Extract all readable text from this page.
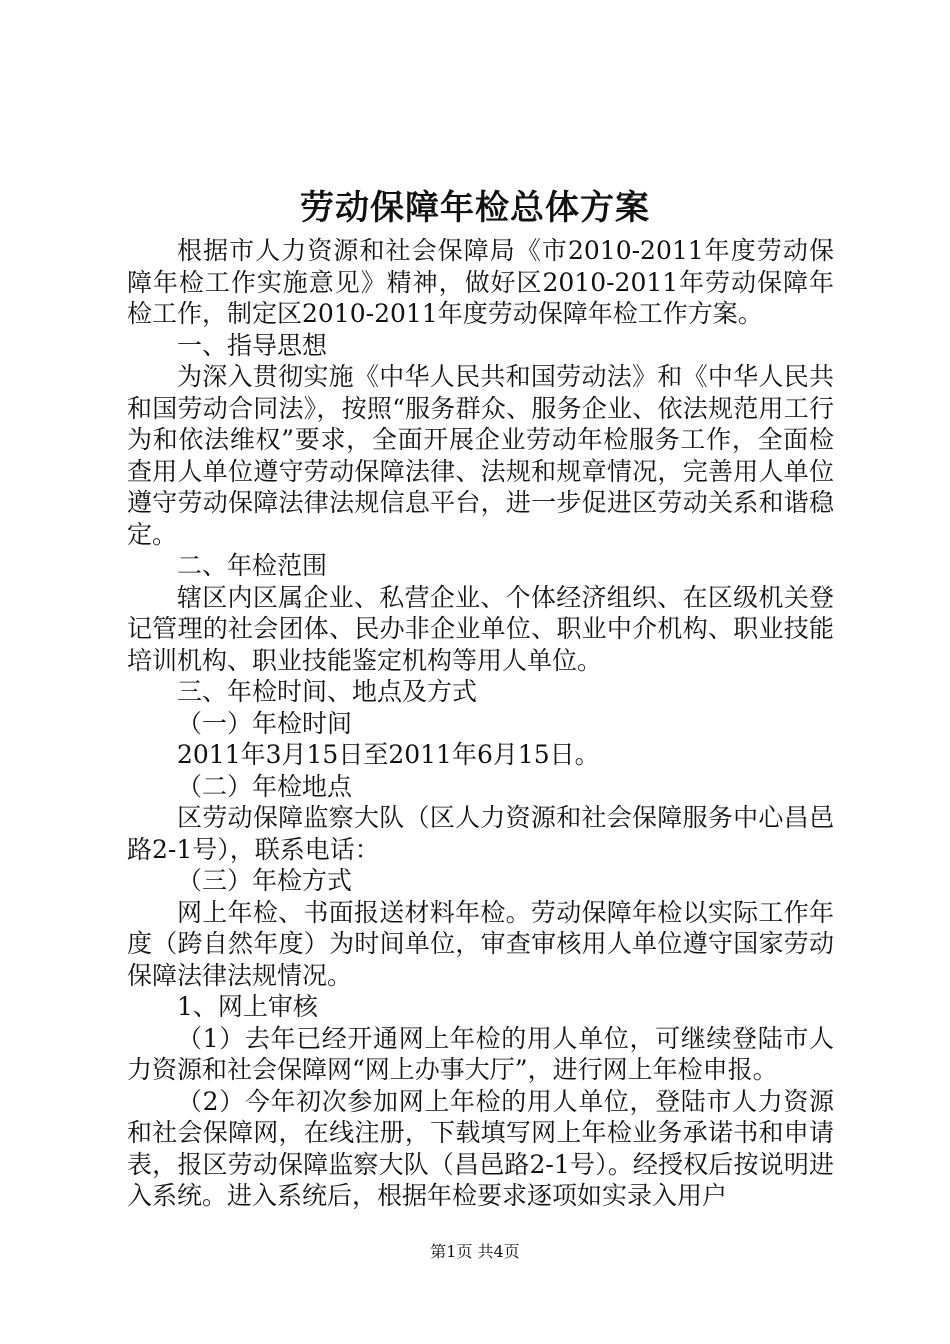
劳动保障年检总体方案

根据市人力资源和社会保障局《市2010-2011年度劳动保障年检工作实施意见》精神，做好区2010-2011年劳动保障年检工作，制定区2010-2011年度劳动保障年检工作方案。

一、指导思想

为深入贯彻实施《中华人民共和国劳动法》和《中华人民共和国劳动合同法》，按照“服务群众、服务企业、依法规范用工行为和依法维权”要求，全面开展企业劳动年检服务工作，全面检查用人单位遵守劳动保障法律、法规和规章情况，完善用人单位遵守劳动保障法律法规信息平台，进一步促进区劳动关系和谐稳定。

二、年检范围

辖区内区属企业、私营企业、个体经济组织、在区级机关登记管理的社会团体、民办非企业单位、职业中介机构、职业技能培训机构、职业技能鉴定机构等用人单位。

三、年检时间、地点及方式

（一）年检时间

2011年3月15日至2011年6月15日。

（二）年检地点

区劳动保障监察大队（区人力资源和社会保障服务中心昌邑路2-1号），联系电话：

（三）年检方式

网上年检、书面报送材料年检。劳动保障年检以实际工作年度（跨自然年度）为时间单位，审查审核用人单位遵守国家劳动保障法律法规情况。

1、网上审核

（1）去年已经开通网上年检的用人单位，可继续登陆市人力资源和社会保障网“网上办事大厅”，进行网上年检申报。

（2）今年初次参加网上年检的用人单位，登陆市人力资源和社会保障网，在线注册，下载填写网上年检业务承诺书和申请表，报区劳动保障监察大队（昌邑路2-1号）。经授权后按说明进入系统。进入系统后，根据年检要求逐项如实录入用户

第1页 共4页
